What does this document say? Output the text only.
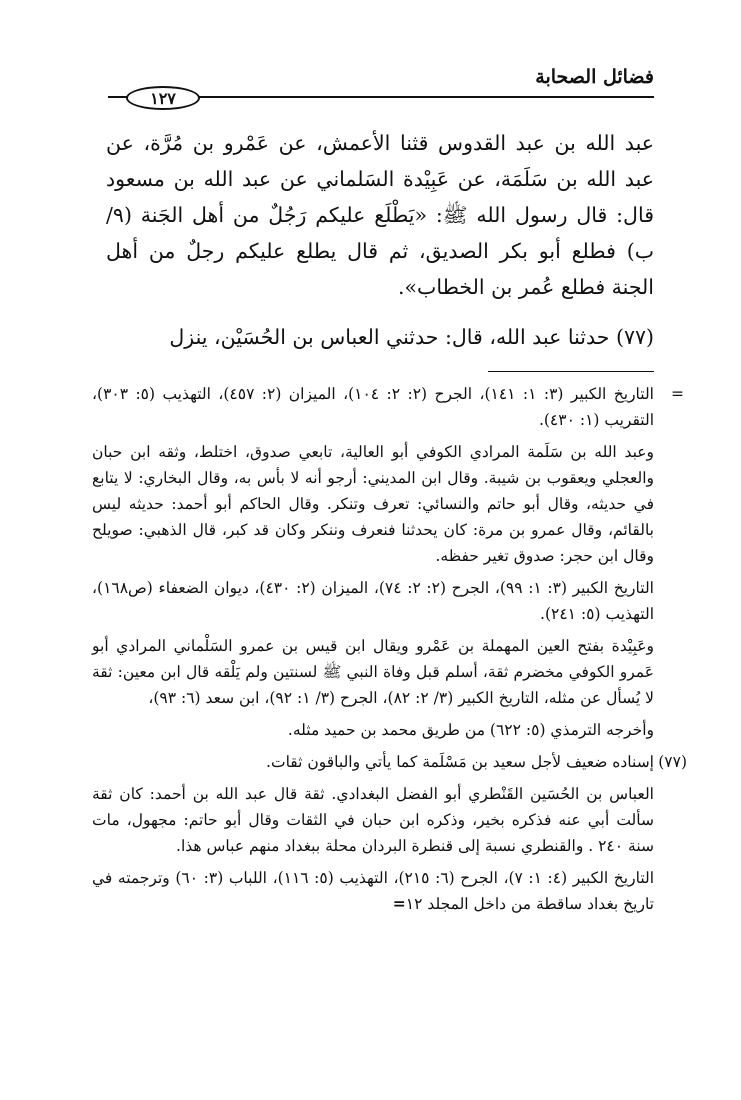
فضائل الصحابة
١٢٧

عبد الله بن عبد القدوس قثنا الأعمش، عن عَمْرو بن مُرَّة، عن عبد الله بن سَلَمَة، عن عَبِيْدة السَلماني عن عبد الله بن مسعود قال: قال رسول الله ﷺ: «يَطْلَع عليكم رَجُلٌ من أهل الجَنة (٩/ب) فطلع أبو بكر الصديق، ثم قال يطلع عليكم رجلٌ من أهل الجنة فطلع عُمر بن الخطاب».

(٧٧) حدثنا عبد الله، قال: حدثني العباس بن الحُسَيْن، ينزل

=
التاريخ الكبير (٣: ١: ١٤١)، الجرح (٢: ٢: ١٠٤)، الميزان (٢: ٤٥٧)، التهذيب (٥: ٣٠٣)، التقريب (١: ٤٣٠).

وعبد الله بن سَلَمة المرادي الكوفي أبو العالية، تابعي صدوق، اختلط، وثقه ابن حبان والعجلي ويعقوب بن شيبة. وقال ابن المديني: أرجو أنه لا بأس به، وقال البخاري: لا يتابع في حديثه، وقال أبو حاتم والنسائي: تعرف وتنكر. وقال الحاكم أبو أحمد: حديثه ليس بالقائم، وقال عمرو بن مرة: كان يحدثنا فنعرف وننكر وكان قد كبر، قال الذهبي: صويلح وقال ابن حجر: صدوق تغير حفظه.

التاريخ الكبير (٣: ١: ٩٩)، الجرح (٢: ٢: ٧٤)، الميزان (٢: ٤٣٠)، ديوان الضعفاء (ص١٦٨)، التهذيب (٥: ٢٤١).

وعَبِيْدة بفتح العين المهملة بن عَمْرو ويقال ابن قيس بن عمرو السَلْماني المرادي أبو عَمرو الكوفي مخضرم ثقة، أسلم قبل وفاة النبي ﷺ لسنتين ولم يَلْقه قال ابن معين: ثقة لا يُسأل عن مثله، التاريخ الكبير (٣/ ٢: ٨٢)، الجرح (٣/ ١: ٩٢)، ابن سعد (٦: ٩٣)،

وأخرجه الترمذي (٥: ٦٢٢) من طريق محمد بن حميد مثله.

(٧٧)
إسناده ضعيف لأجل سعيد بن مَسْلَمة كما يأتي والباقون ثقات.

العباس بن الحُسَين القَنْطري أبو الفضل البغدادي. ثقة قال عبد الله بن أحمد: كان ثقة سألت أبي عنه فذكره بخير، وذكره ابن حبان في الثقات وقال أبو حاتم: مجهول، مات سنة ٢٤٠ . والقنطري نسبة إلى قنطرة البردان محلة ببغداد منهم عباس هذا.

التاريخ الكبير (٤: ١: ٧)، الجرح (٦: ٢١٥)، التهذيب (٥: ١١٦)، اللباب (٣: ٦٠) وترجمته في تاريخ بغداد ساقطة من داخل المجلد ١٢=
